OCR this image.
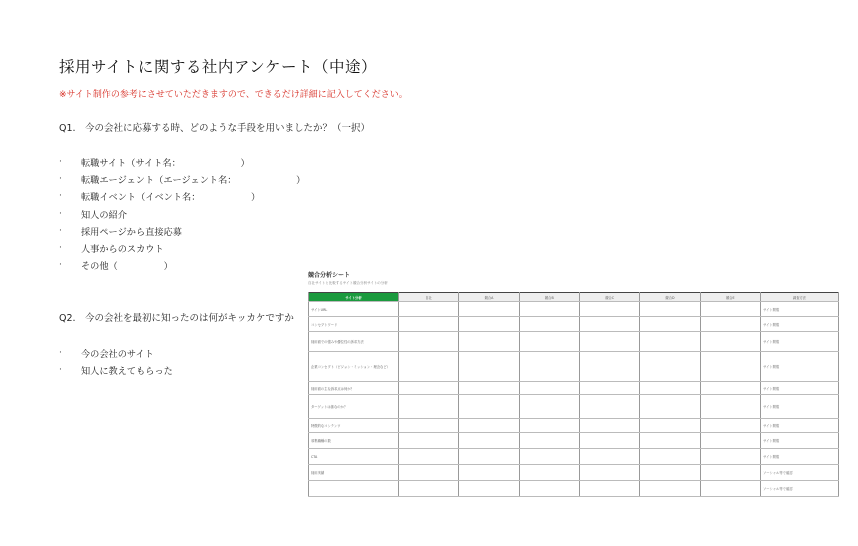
採用サイトに関する社内アンケート（中途）
※サイト制作の参考にさせていただきますので、できるだけ詳細に記入してください。
Q1.　今の会社に応募する時、どのような手段を用いましたか？（一択）
·	転職サイト（サイト名：　　　　　　　）
·	転職エージェント（エージェント名：　　　　　　　）
·	転職イベント（イベント名：　　　　　　）
·	知人の紹介
·	採用ページから直接応募
·	人事からのスカウト
·	その他（　　　　　）
Q2.　今の会社を最初に知ったのは何がキッカケですか
·	今の会社のサイト
·	知人に教えてもらった
競合分析シート
自社サイトと比較するサイト競合分析サイトの分析
サイト分析	自社	競合A	競合B	競合C	競合D	競合E	調査方法
サイトURL							サイト閲覧
コンセプトワード							サイト閲覧
採用面での強みや優位性の訴求方法							サイト閲覧
企業コンセプト（ビジョン・ミッション・理念など）							サイト閲覧
採用面の主な訴求点は何か？							サイト閲覧
ターゲットは誰なのか？							サイト閲覧
特徴的なコンテンツ							サイト閲覧
募集職種の数							サイト閲覧
CTA							サイト閲覧
採用実績							ソーシャル等で確認
							ソーシャル等で確認
